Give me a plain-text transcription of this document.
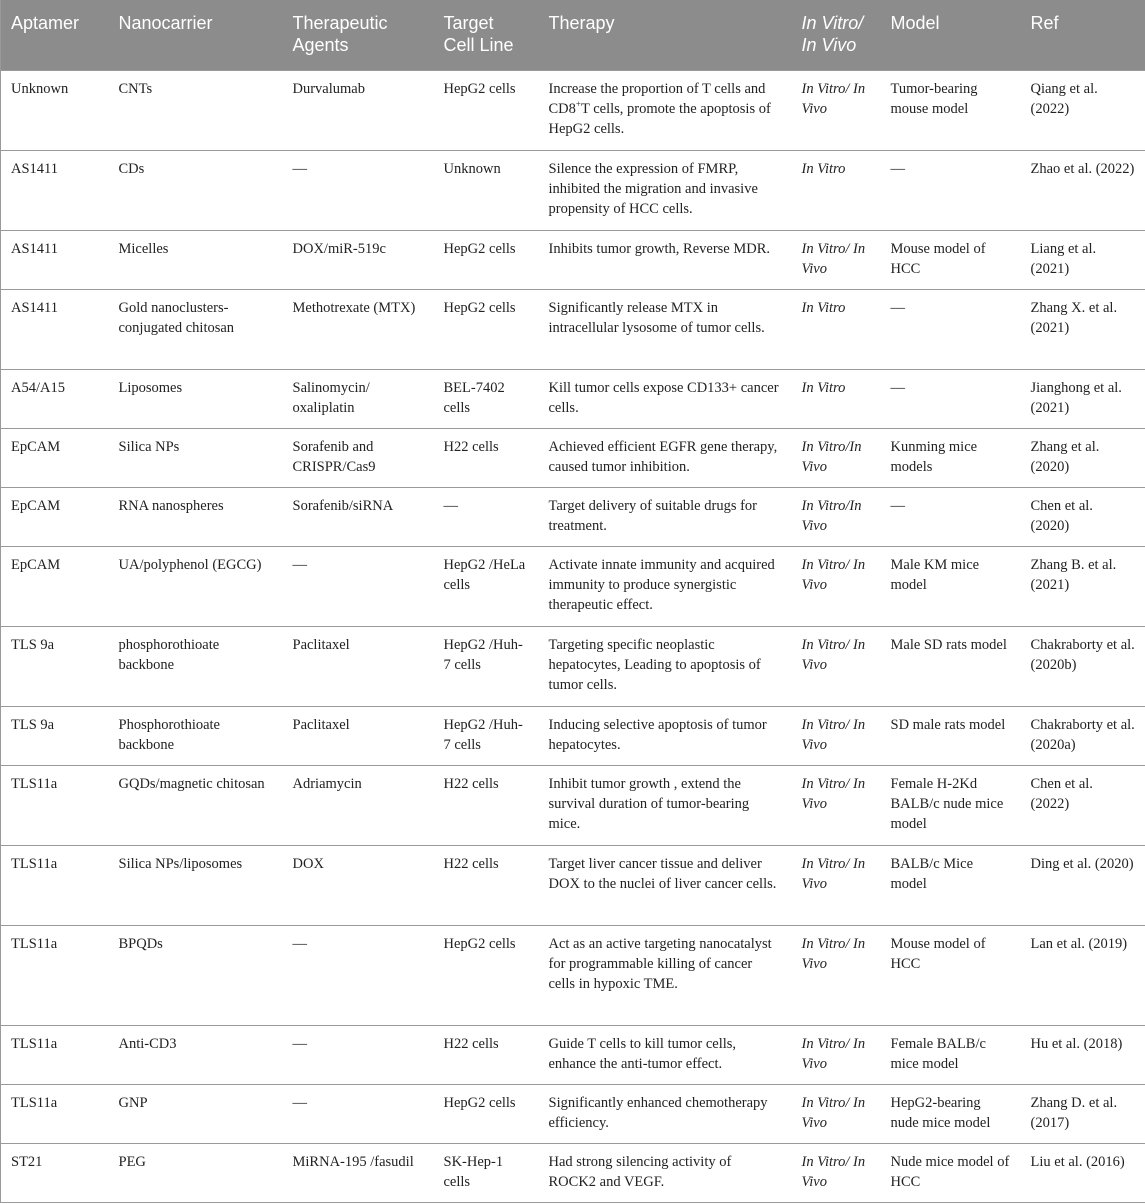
Aptamer	Nanocarrier	Therapeutic Agents	Target Cell Line	Therapy	In Vitro/ In Vivo	Model	Ref
Unknown	CNTs	Durvalumab	HepG2 cells	Increase the proportion of T cells and CD8+T cells, promote the apoptosis of HepG2 cells.	In Vitro/ In Vivo	Tumor-bearing mouse model	Qiang et al. (2022)
AS1411	CDs	—	Unknown	Silence the expression of FMRP, inhibited the migration and invasive propensity of HCC cells.	In Vitro	—	Zhao et al. (2022)
AS1411	Micelles	DOX/miR-519c	HepG2 cells	Inhibits tumor growth, Reverse MDR.	In Vitro/ In Vivo	Mouse model of HCC	Liang et al. (2021)
AS1411	Gold nanoclusters-conjugated chitosan	Methotrexate (MTX)	HepG2 cells	Significantly release MTX in intracellular lysosome of tumor cells.	In Vitro	—	Zhang X. et al. (2021)
A54/A15	Liposomes	Salinomycin/ oxaliplatin	BEL-7402 cells	Kill tumor cells expose CD133+ cancer cells.	In Vitro	—	Jianghong et al. (2021)
EpCAM	Silica NPs	Sorafenib and CRISPR/Cas9	H22 cells	Achieved efficient EGFR gene therapy, caused tumor inhibition.	In Vitro/In Vivo	Kunming mice models	Zhang et al. (2020)
EpCAM	RNA nanospheres	Sorafenib/siRNA	—	Target delivery of suitable drugs for treatment.	In Vitro/In Vivo	—	Chen et al. (2020)
EpCAM	UA/polyphenol (EGCG)	—	HepG2 /HeLa cells	Activate innate immunity and acquired immunity to produce synergistic therapeutic effect.	In Vitro/ In Vivo	Male KM mice model	Zhang B. et al. (2021)
TLS 9a	phosphorothioate backbone	Paclitaxel	HepG2 /Huh-7 cells	Targeting specific neoplastic hepatocytes, Leading to apoptosis of tumor cells.	In Vitro/ In Vivo	Male SD rats model	Chakraborty et al. (2020b)
TLS 9a	Phosphorothioate backbone	Paclitaxel	HepG2 /Huh-7 cells	Inducing selective apoptosis of tumor hepatocytes.	In Vitro/ In Vivo	SD male rats model	Chakraborty et al. (2020a)
TLS11a	GQDs/magnetic chitosan	Adriamycin	H22 cells	Inhibit tumor growth , extend the survival duration of tumor-bearing mice.	In Vitro/ In Vivo	Female H-2Kd BALB/c nude mice model	Chen et al. (2022)
TLS11a	Silica NPs/liposomes	DOX	H22 cells	Target liver cancer tissue and deliver DOX to the nuclei of liver cancer cells.	In Vitro/ In Vivo	BALB/c Mice model	Ding et al. (2020)
TLS11a	BPQDs	—	HepG2 cells	Act as an active targeting nanocatalyst for programmable killing of cancer cells in hypoxic TME.	In Vitro/ In Vivo	Mouse model of HCC	Lan et al. (2019)
TLS11a	Anti-CD3	—	H22 cells	Guide T cells to kill tumor cells, enhance the anti-tumor effect.	In Vitro/ In Vivo	Female BALB/c mice model	Hu et al. (2018)
TLS11a	GNP	—	HepG2 cells	Significantly enhanced chemotherapy efficiency.	In Vitro/ In Vivo	HepG2-bearing nude mice model	Zhang D. et al. (2017)
ST21	PEG	MiRNA-195 /fasudil	SK-Hep-1 cells	Had strong silencing activity of ROCK2 and VEGF.	In Vitro/ In Vivo	Nude mice model of HCC	Liu et al. (2016)
